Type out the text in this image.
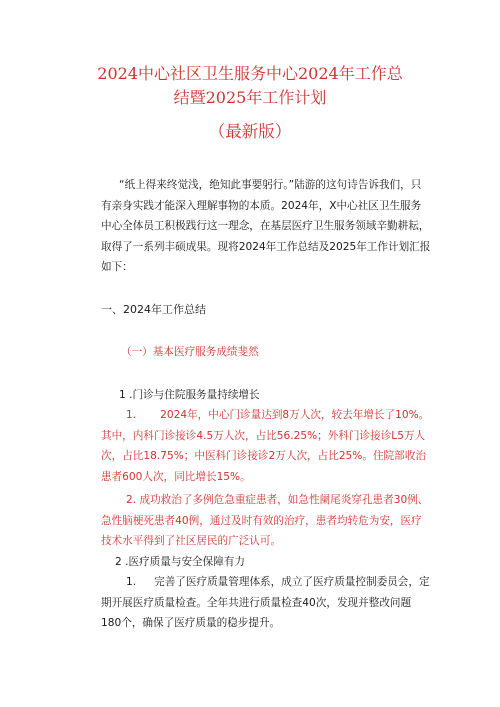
2024中心社区卫生服务中心2024年工作总
结暨2025年工作计划
（最新版）

“纸上得来终觉浅，绝知此事要躬行。”陆游的这句诗告诉我们，只有亲身实践才能深入理解事物的本质。2024年，X中心社区卫生服务中心全体员工积极践行这一理念，在基层医疗卫生服务领域辛勤耕耘，取得了一系列丰硕成果。现将2024年工作总结及2025年工作计划汇报如下：

一、2024年工作总结
（一）基本医疗服务成绩斐然
1 .门诊与住院服务量持续增长

1. 2024年，中心门诊量达到8万人次，较去年增长了10%。其中，内科门诊接诊4.5万人次，占比56.25%；外科门诊接诊L5万人次，占比18.75%；中医科门诊接诊2万人次，占比25%。住院部收治患者600人次，同比增长15%。

2. 成功救治了多例危急重症患者，如急性阑尾炎穿孔患者30例、急性脑梗死患者40例，通过及时有效的治疗，患者均转危为安，医疗技术水平得到了社区居民的广泛认可。

2 .医疗质量与安全保障有力

1. 完善了医疗质量管理体系，成立了医疗质量控制委员会，定期开展医疗质量检查。全年共进行质量检查40次，发现并整改问题180个，确保了医疗质量的稳步提升。
